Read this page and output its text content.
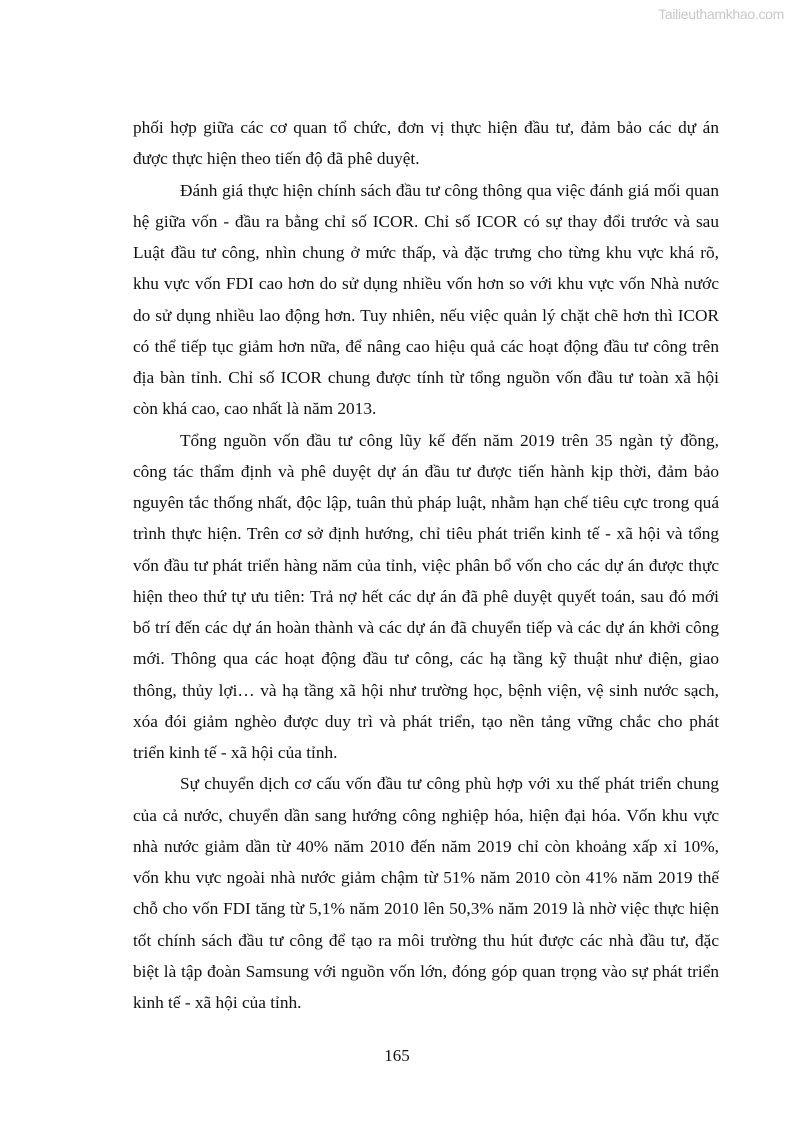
Tailieuthamkhao.com
phối hợp giữa các cơ quan tổ chức, đơn vị thực hiện đầu tư, đảm bảo các dự án
được thực hiện theo tiến độ đã phê duyệt.
Đánh giá thực hiện chính sách đầu tư công thông qua việc đánh giá mối quan
hệ giữa vốn - đầu ra bằng chỉ số ICOR. Chỉ số ICOR có sự thay đổi trước và sau
Luật đầu tư công, nhìn chung ở mức thấp, và đặc trưng cho từng khu vực khá rõ,
khu vực vốn FDI cao hơn do sử dụng nhiều vốn hơn so với khu vực vốn Nhà nước
do sử dụng nhiều lao động hơn. Tuy nhiên, nếu việc quản lý chặt chẽ hơn thì ICOR
có thể tiếp tục giảm hơn nữa, để nâng cao hiệu quả các hoạt động đầu tư công trên
địa bàn tỉnh. Chỉ số ICOR chung được tính từ tổng nguồn vốn đầu tư toàn xã hội
còn khá cao, cao nhất là năm 2013.
Tổng nguồn vốn đầu tư công lũy kế đến năm 2019 trên 35 ngàn tỷ đồng,
công tác thẩm định và phê duyệt dự án đầu tư được tiến hành kịp thời, đảm bảo
nguyên tắc thống nhất, độc lập, tuân thủ pháp luật, nhằm hạn chế tiêu cực trong quá
trình thực hiện. Trên cơ sở định hướng, chỉ tiêu phát triển kinh tế - xã hội và tổng
vốn đầu tư phát triển hàng năm của tỉnh, việc phân bổ vốn cho các dự án được thực
hiện theo thứ tự ưu tiên: Trả nợ hết các dự án đã phê duyệt quyết toán, sau đó mới
bố trí đến các dự án hoàn thành và các dự án đã chuyển tiếp và các dự án khởi công
mới. Thông qua các hoạt động đầu tư công, các hạ tầng kỹ thuật như điện, giao
thông, thủy lợi… và hạ tầng xã hội như trường học, bệnh viện, vệ sinh nước sạch,
xóa đói giảm nghèo được duy trì và phát triển, tạo nền tảng vững chắc cho phát
triển kinh tế - xã hội của tỉnh.
Sự chuyển dịch cơ cấu vốn đầu tư công phù hợp với xu thế phát triển chung
của cả nước, chuyển dần sang hướng công nghiệp hóa, hiện đại hóa. Vốn khu vực
nhà nước giảm dần từ 40% năm 2010 đến năm 2019 chỉ còn khoảng xấp xỉ 10%,
vốn khu vực ngoài nhà nước giảm chậm từ 51% năm 2010 còn 41% năm 2019 thế
chỗ cho vốn FDI tăng từ 5,1% năm 2010 lên 50,3% năm 2019 là nhờ việc thực hiện
tốt chính sách đầu tư công để tạo ra môi trường thu hút được các nhà đầu tư, đặc
biệt là tập đoàn Samsung với nguồn vốn lớn, đóng góp quan trọng vào sự phát triển
kinh tế - xã hội của tỉnh.
165
